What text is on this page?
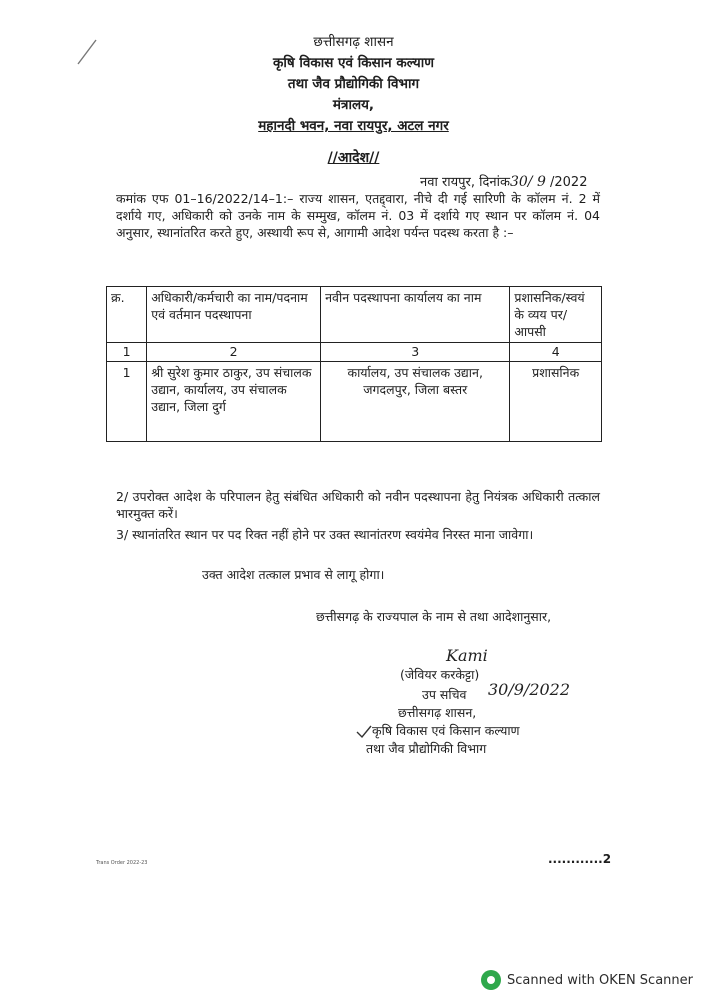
छत्तीसगढ़ शासन
कृषि विकास एवं किसान कल्याण
तथा जैव प्रौद्योगिकी विभाग
मंत्रालय,
महानदी भवन, नवा रायपुर, अटल नगर
//आदेश//
नवा रायपुर, दिनांक30/ 9 /2022
कमांक एफ 01–16/2022/14–1:– राज्य शासन, एतद्द्वारा, नीचे दी गई सारिणी के कॉलम नं. 2 में दर्शाये गए, अधिकारी को उनके नाम के सम्मुख, कॉलम नं. 03 में दर्शाये गए स्थान पर कॉलम नं. 04 अनुसार, स्थानांतरित करते हुए, अस्थायी रूप से, आगामी आदेश पर्यन्त पदस्थ करता है :–
क्र.	अधिकारी/कर्मचारी का नाम/पदनाम एवं वर्तमान पदस्थापना	नवीन पदस्थापना कार्यालय का नाम	प्रशासनिक/स्वयं के व्यय पर/ आपसी
1	2	3	4
1	श्री सुरेश कुमार ठाकुर, उप संचालक उद्यान, कार्यालय, उप संचालक उद्यान, जिला दुर्ग	कार्यालय, उप संचालक उद्यान, जगदलपुर, जिला बस्तर	प्रशासनिक
2/ उपरोक्त आदेश के परिपालन हेतु संबंधित अधिकारी को नवीन पदस्थापना हेतु नियंत्रक अधिकारी तत्काल भारमुक्त करें।
3/ स्थानांतरित स्थान पर पद रिक्त नहीं होने पर उक्त स्थानांतरण स्वयंमेव निरस्त माना जावेगा।
उक्त आदेश तत्काल प्रभाव से लागू होगा।
छत्तीसगढ़ के राज्यपाल के नाम से तथा आदेशानुसार,
Kami
(जेवियर करकेट्टा)
उप सचिव 30/9/2022
छत्तीसगढ़ शासन,
कृषि विकास एवं किसान कल्याण
तथा जैव प्रौद्योगिकी विभाग
Trans Order 2022-23	............2
Scanned with OKEN Scanner
